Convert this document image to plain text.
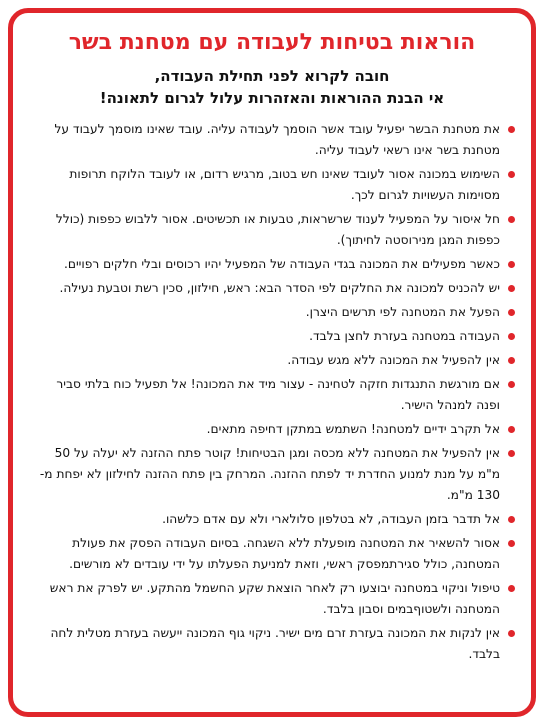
הוראות בטיחות לעבודה עם מטחנת בשר
חובה לקרוא לפני תחילת העבודה,
אי הבנת ההוראות והאזהרות עלול לגרום לתאונה!
את מטחנת הבשר יפעיל עובד אשר הוסמך לעבודה עליה. עובד שאינו מוסמך לעבוד על מטחנת בשר אינו רשאי לעבוד עליה.
השימוש במכונה אסור לעובד שאינו חש בטוב, מרגיש רדום, או לעובד הלוקח תרופות מסוימות העשויות לגרום לכך.
חל איסור על המפעיל לענוד שרשראות, טבעות או תכשיטים. אסור ללבוש כפפות (כולל כפפות המגן מנירוסטה לחיתוך).
כאשר מפעילים את המכונה בגדי העבודה של המפעיל יהיו רכוסים ובלי חלקים רפויים.
יש להכניס למכונה את החלקים לפי הסדר הבא: ראש, חילזון, סכין רשת וטבעת נעילה.
הפעל את המטחנה לפי תרשים היצרן.
העבודה במטחנה בעזרת לחצן בלבד.
אין להפעיל את המכונה ללא מגש עבודה.
אם מורגשת התנגדות חזקה לטחינה - עצור מיד את המכונה! אל תפעיל כוח בלתי סביר ופנה למנהל הישיר.
אל תקרב ידיים למטחנה! השתמש במתקן דחיפה מתאים.
אין להפעיל את המטחנה ללא מכסה ומגן הבטיחות! קוטר פתח ההזנה לא יעלה על 50 מ"מ על מנת למנוע החדרת יד לפתח ההזנה. המרחק בין פתח ההזנה לחילזון לא יפחת מ- 130 מ"מ.
אל תדבר בזמן העבודה, לא בטלפון סלולארי ולא עם אדם כלשהו.
אסור להשאיר את המטחנה מופעלת ללא השגחה. בסיום העבודה הפסק את פעולת המטחנה, כולל סגירתמפסק ראשי, וזאת למניעת הפעלתו על ידי עובדים לא מורשים.
טיפול וניקוי במטחנה יבוצעו רק לאחר הוצאת שקע החשמל מהתקע. יש לפרק את ראש המטחנה ולשטוףבמים וסבון בלבד.
אין לנקות את המכונה בעזרת זרם מים ישיר. ניקוי גוף המכונה ייעשה בעזרת מטלית לחה בלבד.
